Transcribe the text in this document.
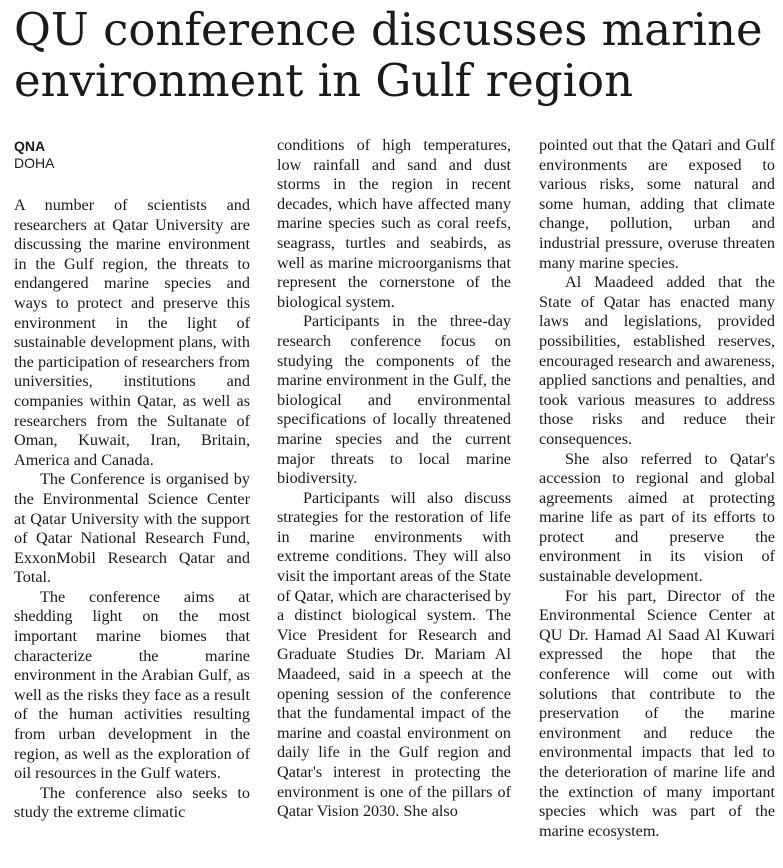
QU conference discusses marine environment in Gulf region
QNA
DOHA

A number of scientists and researchers at Qatar University are discussing the marine environment in the Gulf region, the threats to endangered marine species and ways to protect and preserve this environment in the light of sustainable development plans, with the participation of researchers from universities, institutions and companies within Qatar, as well as researchers from the Sultanate of Oman, Kuwait, Iran, Britain, America and Canada.

The Conference is organised by the Environmental Science Center at Qatar University with the support of Qatar National Research Fund, ExxonMobil Research Qatar and Total.

The conference aims at shedding light on the most important marine biomes that characterize the marine environment in the Arabian Gulf, as well as the risks they face as a result of the human activities resulting from urban development in the region, as well as the exploration of oil resources in the Gulf waters.

The conference also seeks to study the extreme climatic

conditions of high temperatures, low rainfall and sand and dust storms in the region in recent decades, which have affected many marine species such as coral reefs, seagrass, turtles and seabirds, as well as marine microorganisms that represent the cornerstone of the biological system.

Participants in the three-day research conference focus on studying the components of the marine environment in the Gulf, the biological and environmental specifications of locally threatened marine species and the current major threats to local marine biodiversity.

Participants will also discuss strategies for the restoration of life in marine environments with extreme conditions. They will also visit the important areas of the State of Qatar, which are characterised by a distinct biological system. The Vice President for Research and Graduate Studies Dr. Mariam Al Maadeed, said in a speech at the opening session of the conference that the fundamental impact of the marine and coastal environment on daily life in the Gulf region and Qatar's interest in protecting the environment is one of the pillars of Qatar Vision 2030. She also

pointed out that the Qatari and Gulf environments are exposed to various risks, some natural and some human, adding that climate change, pollution, urban and industrial pressure, overuse threaten many marine species.

Al Maadeed added that the State of Qatar has enacted many laws and legislations, provided possibilities, established reserves, encouraged research and awareness, applied sanctions and penalties, and took various measures to address those risks and reduce their consequences.

She also referred to Qatar's accession to regional and global agreements aimed at protecting marine life as part of its efforts to protect and preserve the environment in its vision of sustainable development.

For his part, Director of the Environmental Science Center at QU Dr. Hamad Al Saad Al Kuwari expressed the hope that the conference will come out with solutions that contribute to the preservation of the marine environment and reduce the environmental impacts that led to the deterioration of marine life and the extinction of many important species which was part of the marine ecosystem.
